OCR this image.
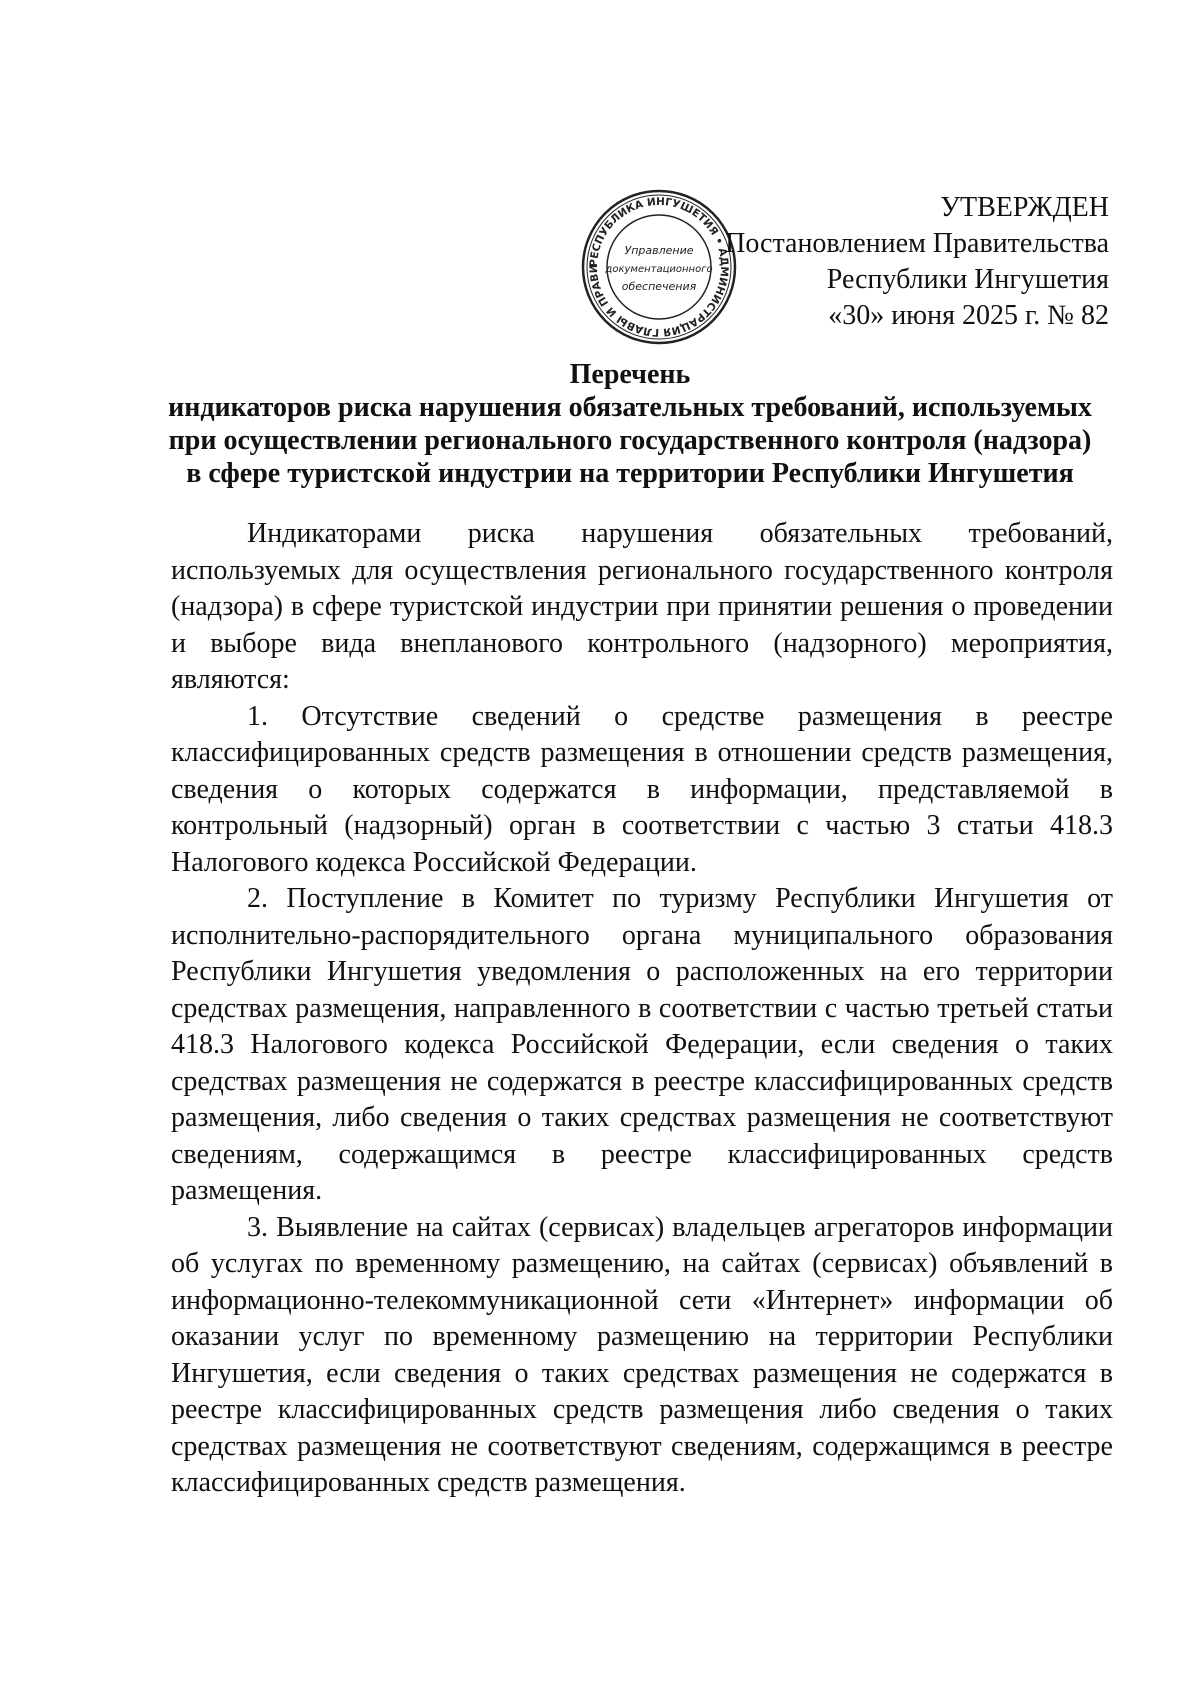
РЕСПУБЛИКА ИНГУШЕТИЯ • АДМИНИСТРАЦИЯ ГЛАВЫ И ПРАВИ
Управление
документационного
обеспечения
УТВЕРЖДЕН
Постановлением Правительства
Республики Ингушетия
«30» июня 2025 г. № 82
Перечень
индикаторов риска нарушения обязательных требований, используемых
при осуществлении регионального государственного контроля (надзора)
в сфере туристской индустрии на территории Республики Ингушетия

Индикаторами риска нарушения обязательных требований, используемых для осуществления регионального государственного контроля (надзора) в сфере туристской индустрии при принятии решения о проведении и выборе вида внепланового контрольного (надзорного) мероприятия, являются:

1. Отсутствие сведений о средстве размещения в реестре классифицированных средств размещения в отношении средств размещения, сведения о которых содержатся в информации, представляемой в контрольный (надзорный) орган в соответствии с частью 3 статьи 418.3 Налогового кодекса Российской Федерации.

2. Поступление в Комитет по туризму Республики Ингушетия от исполнительно-распорядительного органа муниципального образования Республики Ингушетия уведомления о расположенных на его территории средствах размещения, направленного в соответствии с частью третьей статьи 418.3 Налогового кодекса Российской Федерации, если сведения о таких средствах размещения не содержатся в реестре классифицированных средств размещения, либо сведения о таких средствах размещения не соответствуют сведениям, содержащимся в реестре классифицированных средств размещения.

3. Выявление на сайтах (сервисах) владельцев агрегаторов информации об услугах по временному размещению, на сайтах (сервисах) объявлений в информационно-телекоммуникационной сети «Интернет» информации об оказании услуг по временному размещению на территории Республики Ингушетия, если сведения о таких средствах размещения не содержатся в реестре классифицированных средств размещения либо сведения о таких средствах размещения не соответствуют сведениям, содержащимся в реестре классифицированных средств размещения.
